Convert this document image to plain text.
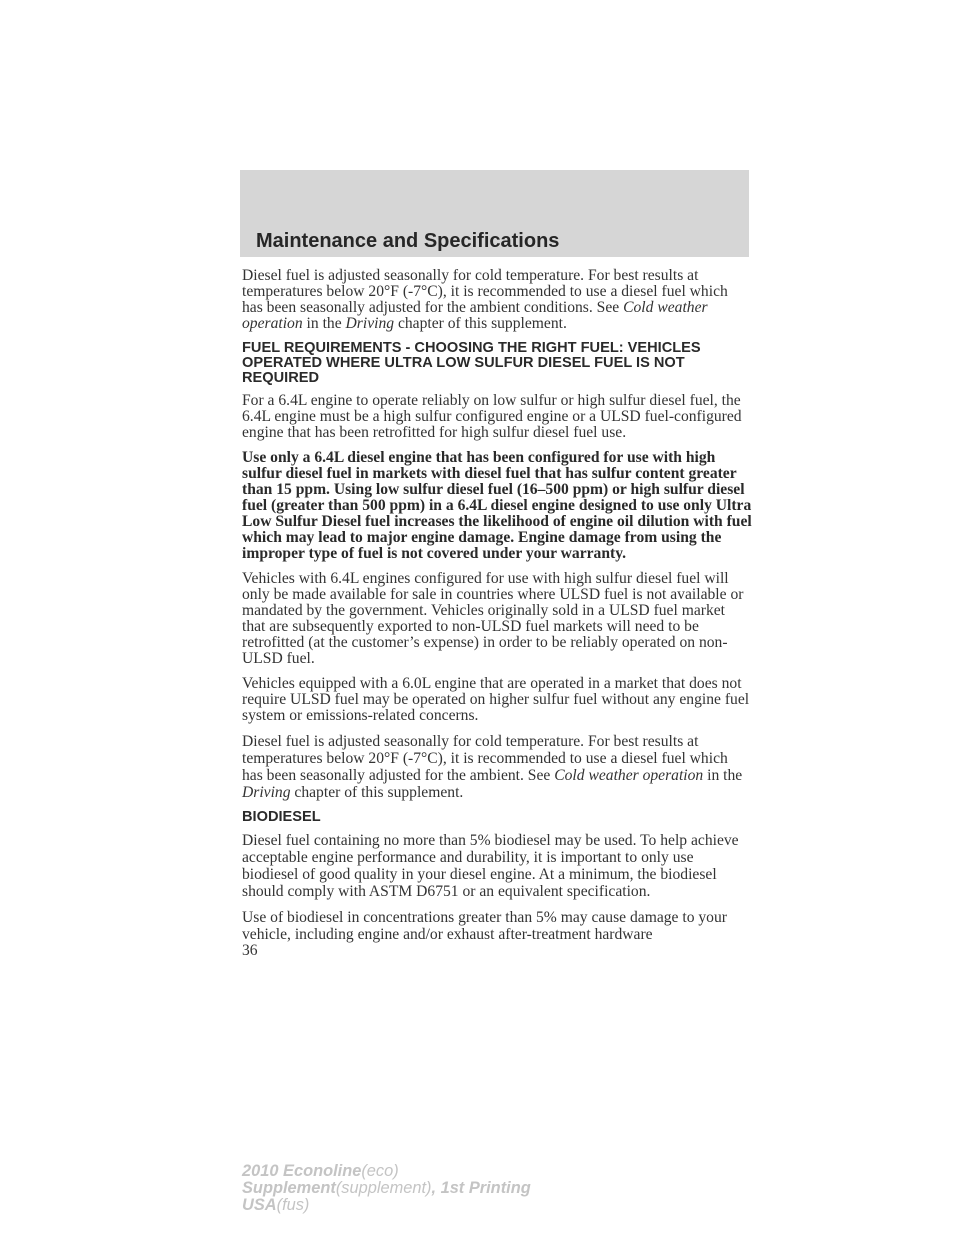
Maintenance and Specifications

Diesel fuel is adjusted seasonally for cold temperature. For best results at temperatures below 20°F (-7°C), it is recommended to use a diesel fuel which has been seasonally adjusted for the ambient conditions. See Cold weather operation in the Driving chapter of this supplement.

FUEL REQUIREMENTS - CHOOSING THE RIGHT FUEL: VEHICLES OPERATED WHERE ULTRA LOW SULFUR DIESEL FUEL IS NOT REQUIRED

For a 6.4L engine to operate reliably on low sulfur or high sulfur diesel fuel, the 6.4L engine must be a high sulfur configured engine or a ULSD fuel-configured engine that has been retrofitted for high sulfur diesel fuel use.

Use only a 6.4L diesel engine that has been configured for use with high sulfur diesel fuel in markets with diesel fuel that has sulfur content greater than 15 ppm. Using low sulfur diesel fuel (16–500 ppm) or high sulfur diesel fuel (greater than 500 ppm) in a 6.4L diesel engine designed to use only Ultra Low Sulfur Diesel fuel increases the likelihood of engine oil dilution with fuel which may lead to major engine damage. Engine damage from using the improper type of fuel is not covered under your warranty.

Vehicles with 6.4L engines configured for use with high sulfur diesel fuel will only be made available for sale in countries where ULSD fuel is not available or mandated by the government. Vehicles originally sold in a ULSD fuel market that are subsequently exported to non-ULSD fuel markets will need to be retrofitted (at the customer’s expense) in order to be reliably operated on non-ULSD fuel.

Vehicles equipped with a 6.0L engine that are operated in a market that does not require ULSD fuel may be operated on higher sulfur fuel without any engine fuel system or emissions-related concerns.

Diesel fuel is adjusted seasonally for cold temperature. For best results at temperatures below 20°F (-7°C), it is recommended to use a diesel fuel which has been seasonally adjusted for the ambient. See Cold weather operation in the Driving chapter of this supplement.

BIODIESEL

Diesel fuel containing no more than 5% biodiesel may be used. To help achieve acceptable engine performance and durability, it is important to only use biodiesel of good quality in your diesel engine. At a minimum, the biodiesel should comply with ASTM D6751 or an equivalent specification.

Use of biodiesel in concentrations greater than 5% may cause damage to your vehicle, including engine and/or exhaust after-treatment hardware

36

2010 Econoline(eco)
Supplement(supplement), 1st Printing
USA(fus)
